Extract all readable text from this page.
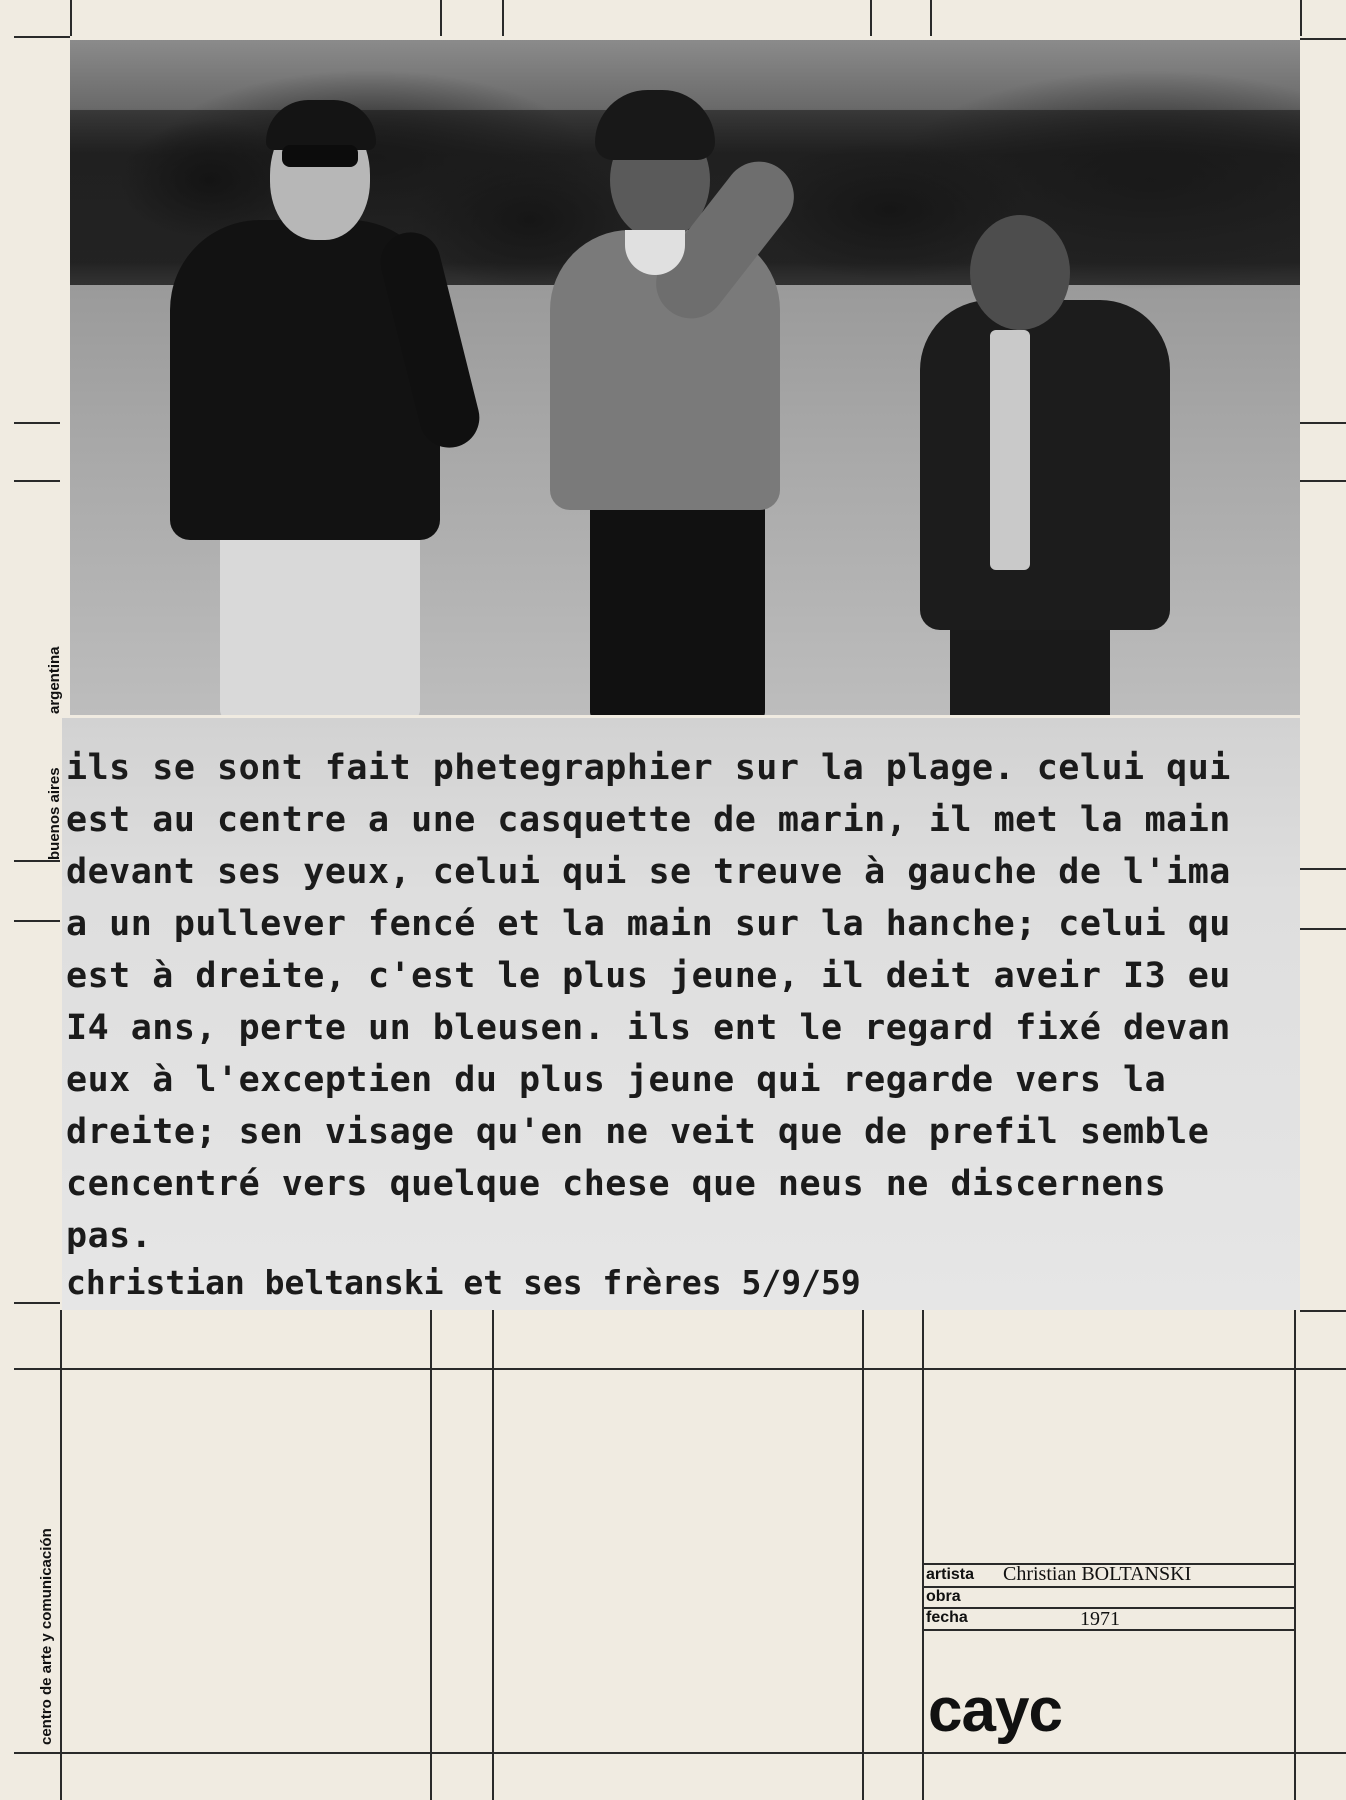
ils se sont fait phetegraphier sur la plage. celui qui
est au centre a une casquette de marin, il met la main
devant ses yeux, celui qui se treuve à gauche de l'ima
a un pullever fencé et la main sur la hanche; celui qu
est à dreite, c'est le plus jeune, il deit aveir I3 eu
I4 ans, perte un bleusen. ils ent le regard fixé devan
eux à l'exceptien du plus jeune qui regarde vers la
dreite; sen visage qu'en ne veit que de prefil semble
cencentré vers quelque chese que neus ne discernens
pas.
christian beltanski et ses frères 5/9/59
argentina
buenos aires
centro de arte y comunicación	artista Christian BOLTANSKI
obra
fecha	1971
cayc
